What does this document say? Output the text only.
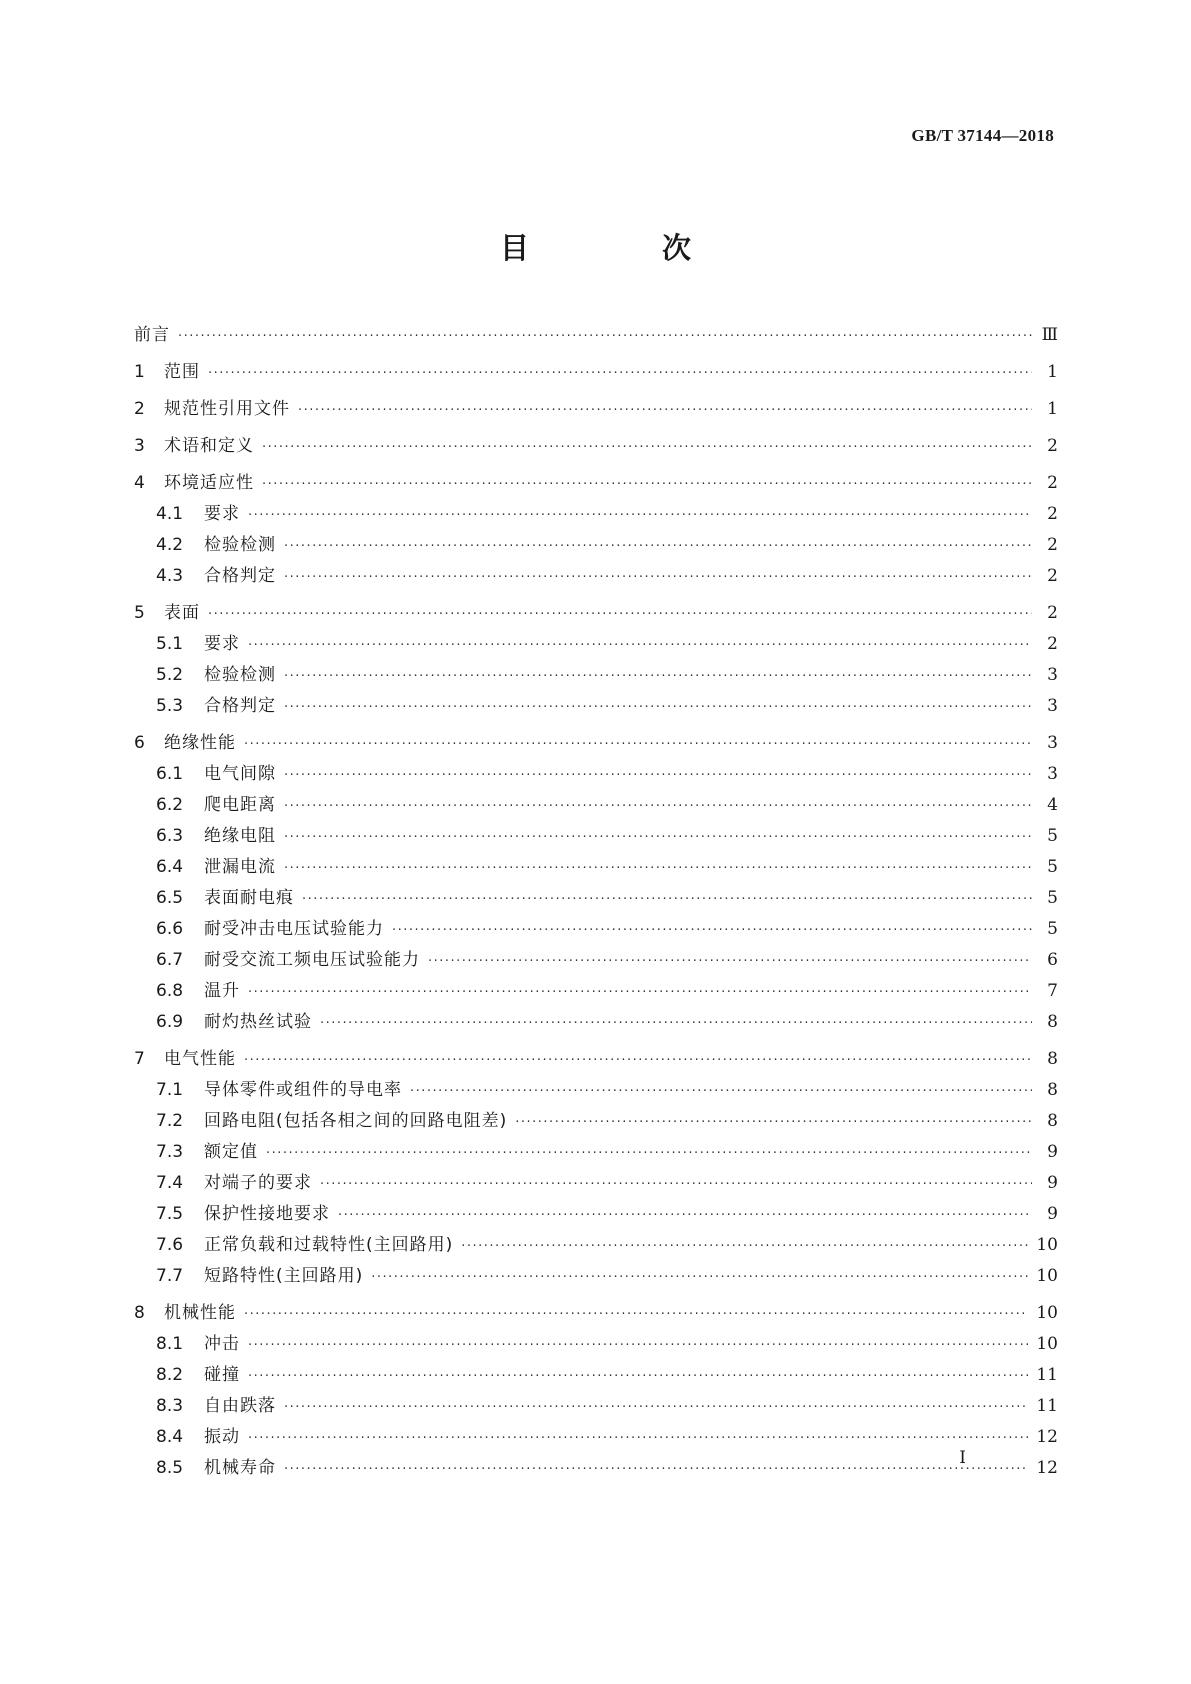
GB/T 37144—2018
目　次
前言 ·····	Ⅲ
1	范围 ·····	1
2	规范性引用文件 ·····	1
3	术语和定义 ·····	2
4	环境适应性 ·····	2
4.1	要求 ·····	2
4.2	检验检测 ·····	2
4.3	合格判定 ·····	2
5	表面 ·····	2
5.1	要求 ·····	2
5.2	检验检测 ·····	3
5.3	合格判定 ·····	3
6	绝缘性能 ·····	3
6.1	电气间隙 ·····	3
6.2	爬电距离 ·····	4
6.3	绝缘电阻 ·····	5
6.4	泄漏电流 ·····	5
6.5	表面耐电痕 ·····	5
6.6	耐受冲击电压试验能力 ·····	5
6.7	耐受交流工频电压试验能力 ·····	6
6.8	温升 ·····	7
6.9	耐灼热丝试验 ·····	8
7	电气性能 ·····	8
7.1	导体零件或组件的导电率 ·····	8
7.2	回路电阻(包括各相之间的回路电阻差) ·····	8
7.3	额定值 ·····	9
7.4	对端子的要求 ·····	9
7.5	保护性接地要求 ·····	9
7.6	正常负载和过载特性(主回路用) ·····	10
7.7	短路特性(主回路用) ·····	10
8	机械性能 ·····	10
8.1	冲击 ·····	10
8.2	碰撞 ·····	11
8.3	自由跌落 ·····	11
8.4	振动 ·····	12
8.5	机械寿命 ·····	12
I
